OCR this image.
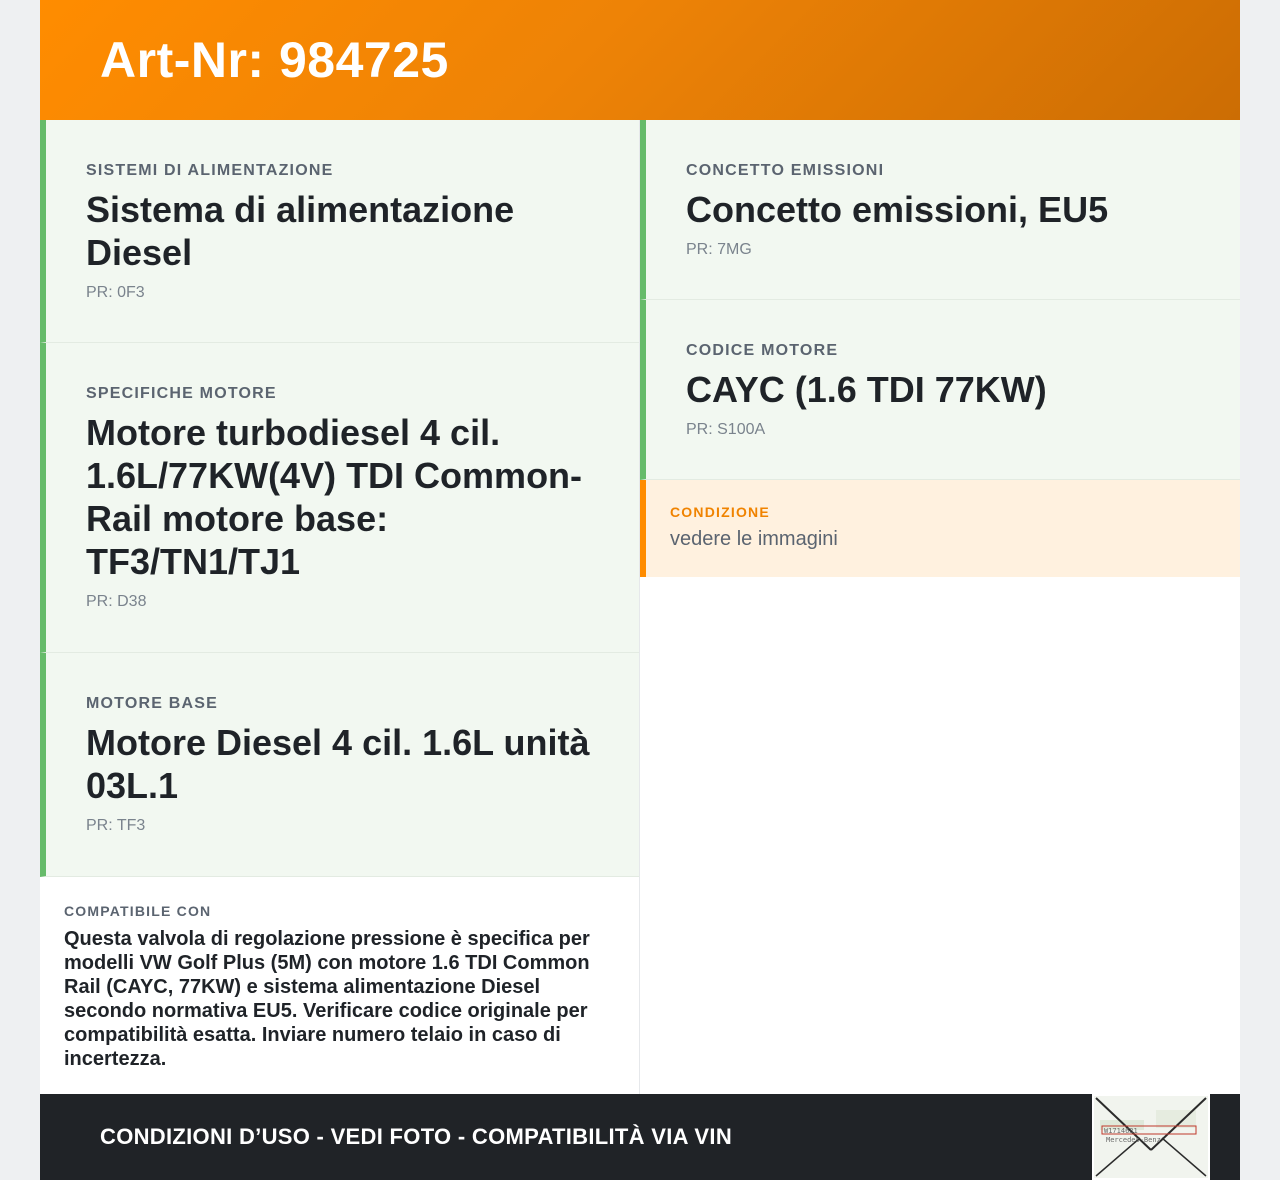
Art-Nr: 984725
SISTEMI DI ALIMENTAZIONE
Sistema di alimentazione Diesel
PR: 0F3
SPECIFICHE MOTORE
Motore turbodiesel 4 cil. 1.6L/77KW(4V) TDI Common-Rail motore base: TF3/TN1/TJ1
PR: D38
MOTORE BASE
Motore Diesel 4 cil. 1.6L unità 03L.1
PR: TF3
COMPATIBILE CON
Questa valvola di regolazione pressione è specifica per modelli VW Golf Plus (5M) con motore 1.6 TDI Common Rail (CAYC, 77KW) e sistema alimentazione Diesel secondo normativa EU5. Verificare codice originale per compatibilità esatta. Inviare numero telaio in caso di incertezza.
CONCETTO EMISSIONI
Concetto emissioni, EU5
PR: 7MG
CODICE MOTORE
CAYC (1.6 TDI 77KW)
PR: S100A
CONDIZIONE
vedere le immagini
CONDIZIONI D’USO - VEDI FOTO - COMPATIBILITÀ VIA VIN	W1714631
Mercedes-Benz
